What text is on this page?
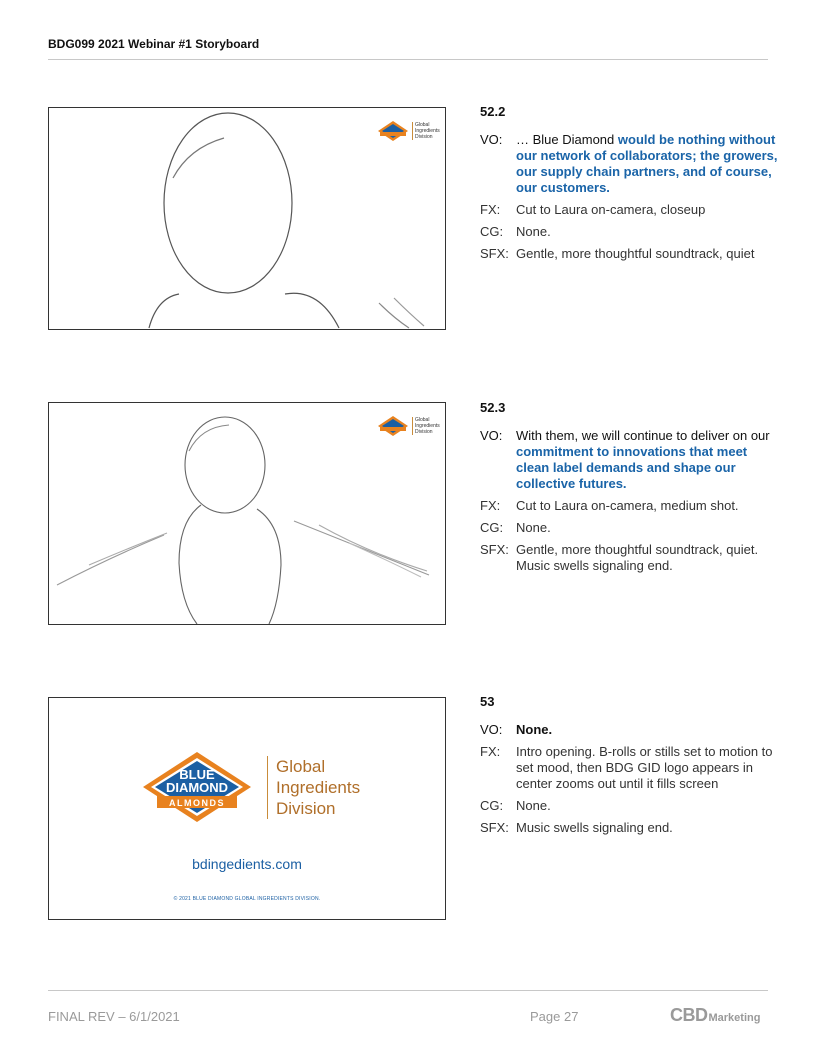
BDG099 2021 Webinar #1 Storyboard
Global
Ingredients
Division
52.2
VO:	… Blue Diamond would be nothing without our network of collaborators; the growers, our supply chain partners, and of course, our customers.
FX:	Cut to Laura on-camera, closeup
CG: None.
SFX: Gentle, more thoughtful soundtrack, quiet
Global
Ingredients
Division
52.3
VO:	With them, we will continue to deliver on our commitment to innovations that meet clean label demands and shape our collective futures.
FX:	Cut to Laura on-camera, medium shot.
CG: None.
SFX: Gentle, more thoughtful soundtrack, quiet. Music swells signaling end.
BLUE
DIAMOND
ALMONDS
Global
Ingredients
Division
bdingedients.com
© 2021 BLUE DIAMOND GLOBAL INGREDIENTS DIVISION.
53
VO:	None.
FX:	Intro opening. B-rolls or stills set to motion to set mood, then BDG GID logo appears in center zooms out until it fills screen
CG: None.
SFX: Music swells signaling end.
FINAL REV – 6/1/2021	Page 27	CBD Marketing
